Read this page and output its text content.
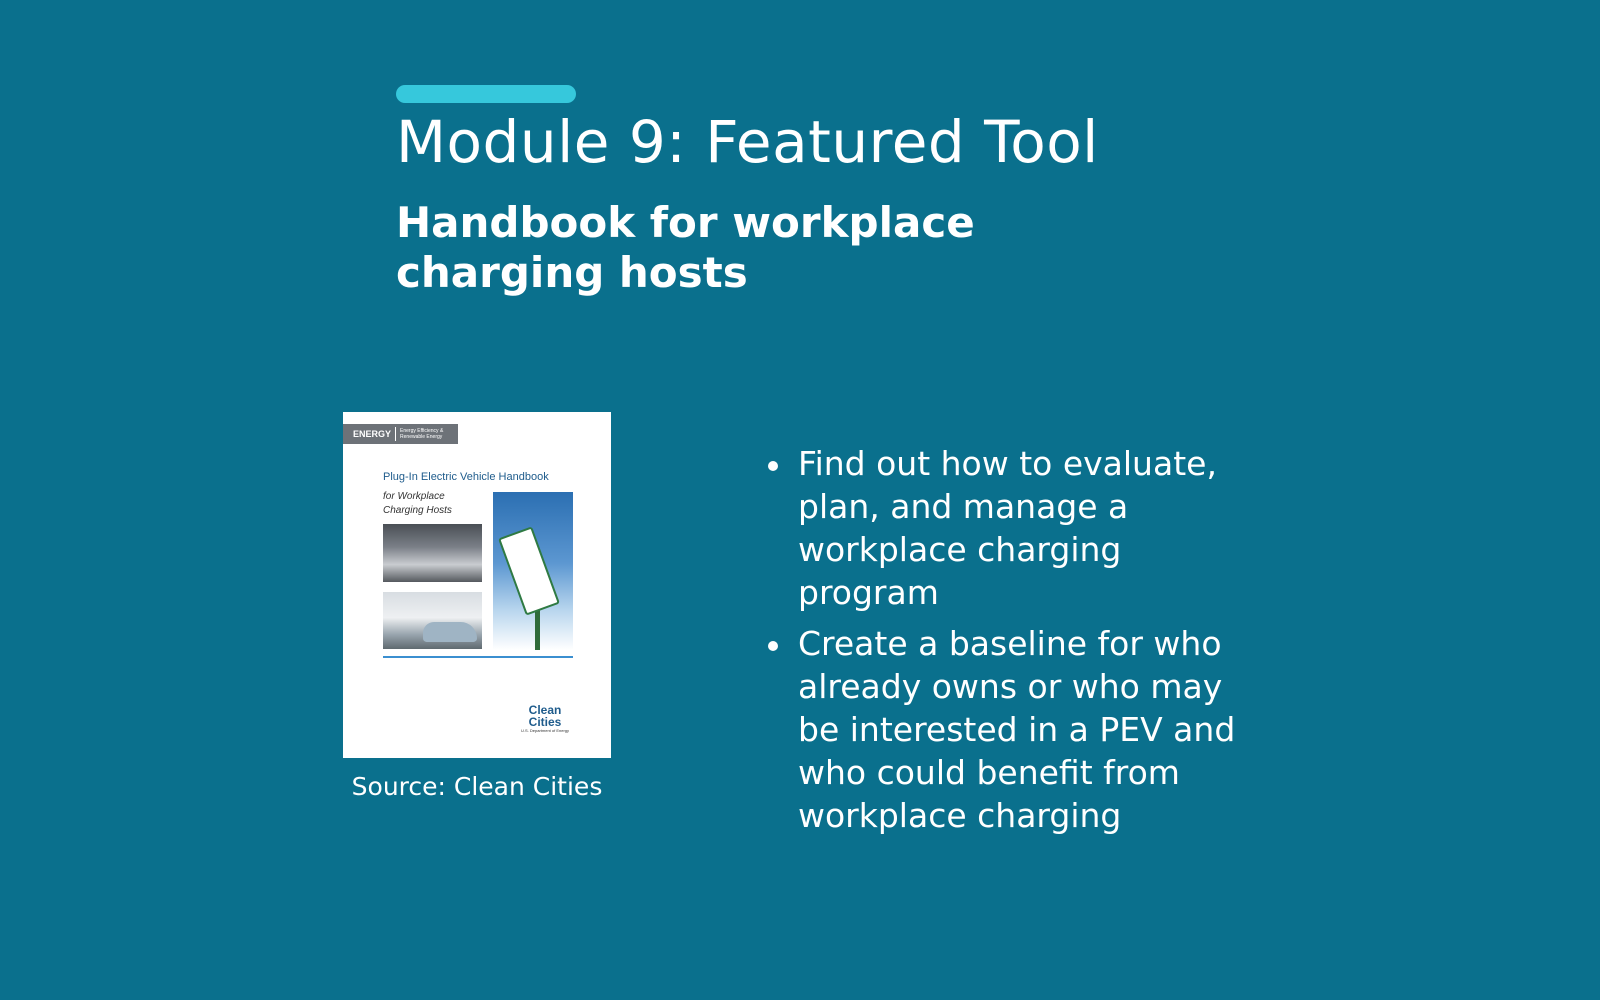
Module 9: Featured Tool
Handbook for workplace charging hosts
ENERGY Energy Efficiency & Renewable Energy
Plug-In Electric Vehicle Handbook
for Workplace Charging Hosts
Clean Cities
U.S. Department of Energy
Source: Clean Cities
Find out how to evaluate, plan, and manage a workplace charging program
Create a baseline for who already owns or who may be interested in a PEV and who could benefit from workplace charging
